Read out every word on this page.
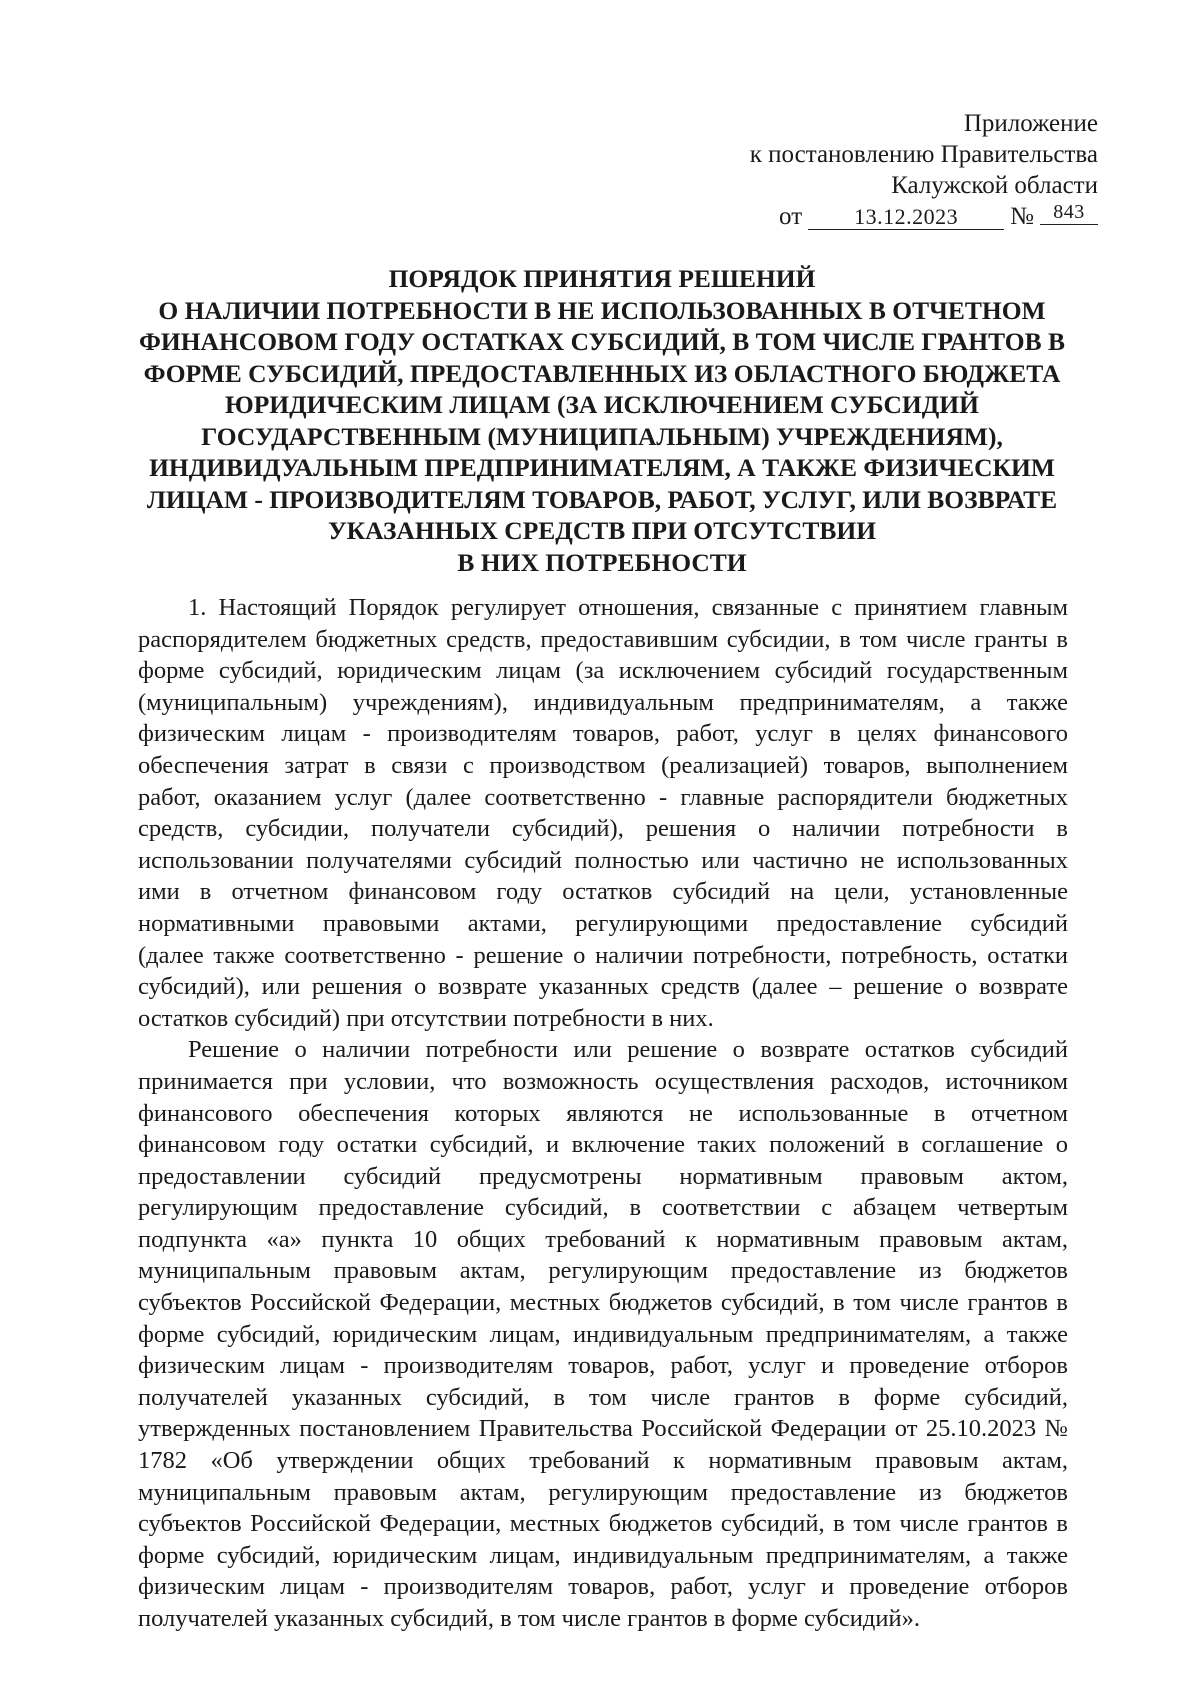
Приложение
к постановлению Правительства
Калужской области
от	13.12.2023	№ 843
ПОРЯДОК ПРИНЯТИЯ РЕШЕНИЙ
О НАЛИЧИИ ПОТРЕБНОСТИ В НЕ ИСПОЛЬЗОВАННЫХ В ОТЧЕТНОМ
ФИНАНСОВОМ ГОДУ ОСТАТКАХ СУБСИДИЙ, В ТОМ ЧИСЛЕ ГРАНТОВ В
ФОРМЕ СУБСИДИЙ, ПРЕДОСТАВЛЕННЫХ ИЗ ОБЛАСТНОГО БЮДЖЕТА
ЮРИДИЧЕСКИМ ЛИЦАМ (ЗА ИСКЛЮЧЕНИЕМ СУБСИДИЙ
ГОСУДАРСТВЕННЫМ (МУНИЦИПАЛЬНЫМ) УЧРЕЖДЕНИЯМ),
ИНДИВИДУАЛЬНЫМ ПРЕДПРИНИМАТЕЛЯМ, А ТАКЖЕ ФИЗИЧЕСКИМ
ЛИЦАМ - ПРОИЗВОДИТЕЛЯМ ТОВАРОВ, РАБОТ, УСЛУГ, ИЛИ ВОЗВРАТЕ
УКАЗАННЫХ СРЕДСТВ ПРИ ОТСУТСТВИИ
В НИХ ПОТРЕБНОСТИ
1. Настоящий Порядок регулирует отношения, связанные с принятием главным
распорядителем бюджетных средств, предоставившим субсидии, в том числе гранты в
форме субсидий, юридическим лицам (за исключением субсидий государственным
(муниципальным) учреждениям), индивидуальным предпринимателям, а также
физическим лицам - производителям товаров, работ, услуг в целях финансового
обеспечения затрат в связи с производством (реализацией) товаров, выполнением
работ, оказанием услуг (далее соответственно - главные распорядители бюджетных
средств, субсидии, получатели субсидий), решения о наличии потребности в
использовании получателями субсидий полностью или частично не использованных
ими в отчетном финансовом году остатков субсидий на цели, установленные
нормативными правовыми актами, регулирующими предоставление субсидий
(далее также соответственно - решение о наличии потребности, потребность, остатки
субсидий), или решения о возврате указанных средств (далее – решение о возврате
остатков субсидий) при отсутствии потребности в них.
Решение о наличии потребности или решение о возврате остатков субсидий
принимается при условии, что возможность осуществления расходов, источником
финансового обеспечения которых являются не использованные в отчетном
финансовом году остатки субсидий, и включение таких положений в соглашение о
предоставлении субсидий предусмотрены нормативным правовым актом,
регулирующим предоставление субсидий, в соответствии с абзацем четвертым
подпункта «а» пункта 10 общих требований к нормативным правовым актам,
муниципальным правовым актам, регулирующим предоставление из бюджетов
субъектов Российской Федерации, местных бюджетов субсидий, в том числе грантов в
форме субсидий, юридическим лицам, индивидуальным предпринимателям, а также
физическим лицам - производителям товаров, работ, услуг и проведение отборов
получателей указанных субсидий, в том числе грантов в форме субсидий,
утвержденных постановлением Правительства Российской Федерации от 25.10.2023 №
1782 «Об утверждении общих требований к нормативным правовым актам,
муниципальным правовым актам, регулирующим предоставление из бюджетов
субъектов Российской Федерации, местных бюджетов субсидий, в том числе грантов в
форме субсидий, юридическим лицам, индивидуальным предпринимателям, а также
физическим лицам - производителям товаров, работ, услуг и проведение отборов
получателей указанных субсидий, в том числе грантов в форме субсидий».
